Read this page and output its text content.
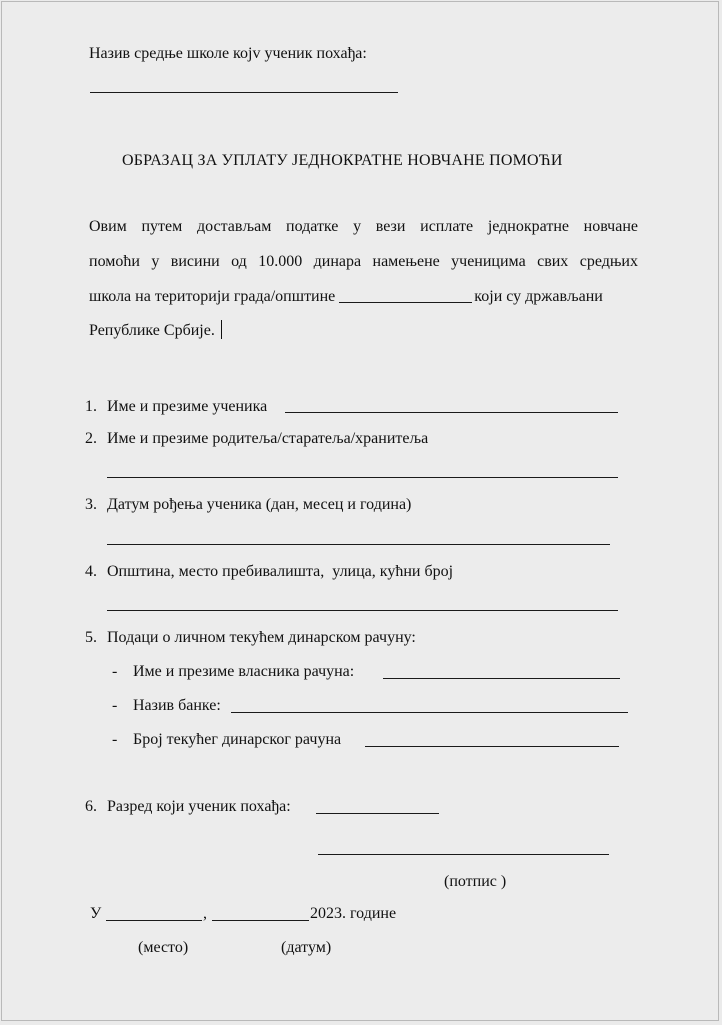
Назив средње школе којv ученик похађа:
ОБРАЗАЦ ЗА УПЛАТУ ЈЕДНОКРАТНЕ НОВЧАНЕ ПОМОЋИ
Овим путем достављам податке у вези исплате једнократне новчане
помоћи у висини од 10.000 динара намењене ученицима свих средњих
школа на територији града/општине	који су држављани
Републике Србије.
1. Име и презиме ученика
2. Име и презиме родитеља/старатеља/хранитеља
3. Датум рођења ученика (дан, месец и година)
4. Општина, место пребивалишта,  улица, кућни број
5. Подаци о личном текућем динарском рачуну:
- Име и презиме власника рачуна:
- Назив банке:
- Број текућег динарског рачуна
6. Разред који ученик похађа:
(потпис )
У	,	2023. године
(место)	(датум)
